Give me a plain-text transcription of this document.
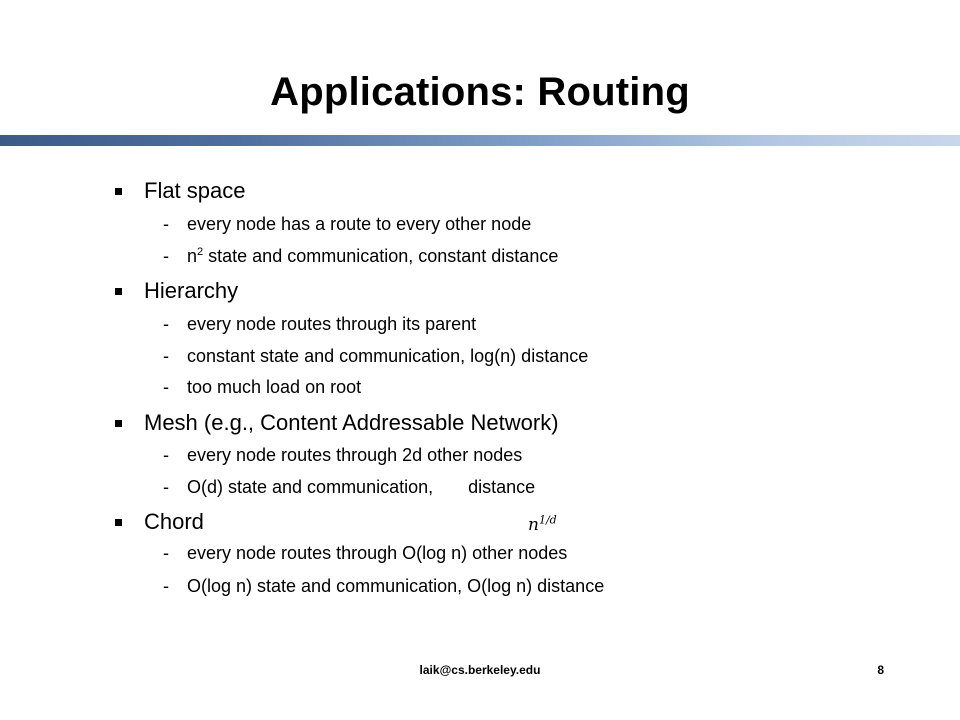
Applications: Routing
Flat space
-	every node has a route to every other node
-	$n^2$ state and communication, constant distance
Hierarchy
-	every node routes through its parent
-	constant state and communication, log(n) distance
-	too much load on root
Mesh (e.g., Content Addressable Network)
-	every node routes through 2d other nodes
-	O(d) state and communication,       distance
Chord
-	every node routes through O(log n) other nodes
-	O(log n) state and communication, O(log n) distance
$n^{1/d}$
laik@cs.berkeley.edu	8
